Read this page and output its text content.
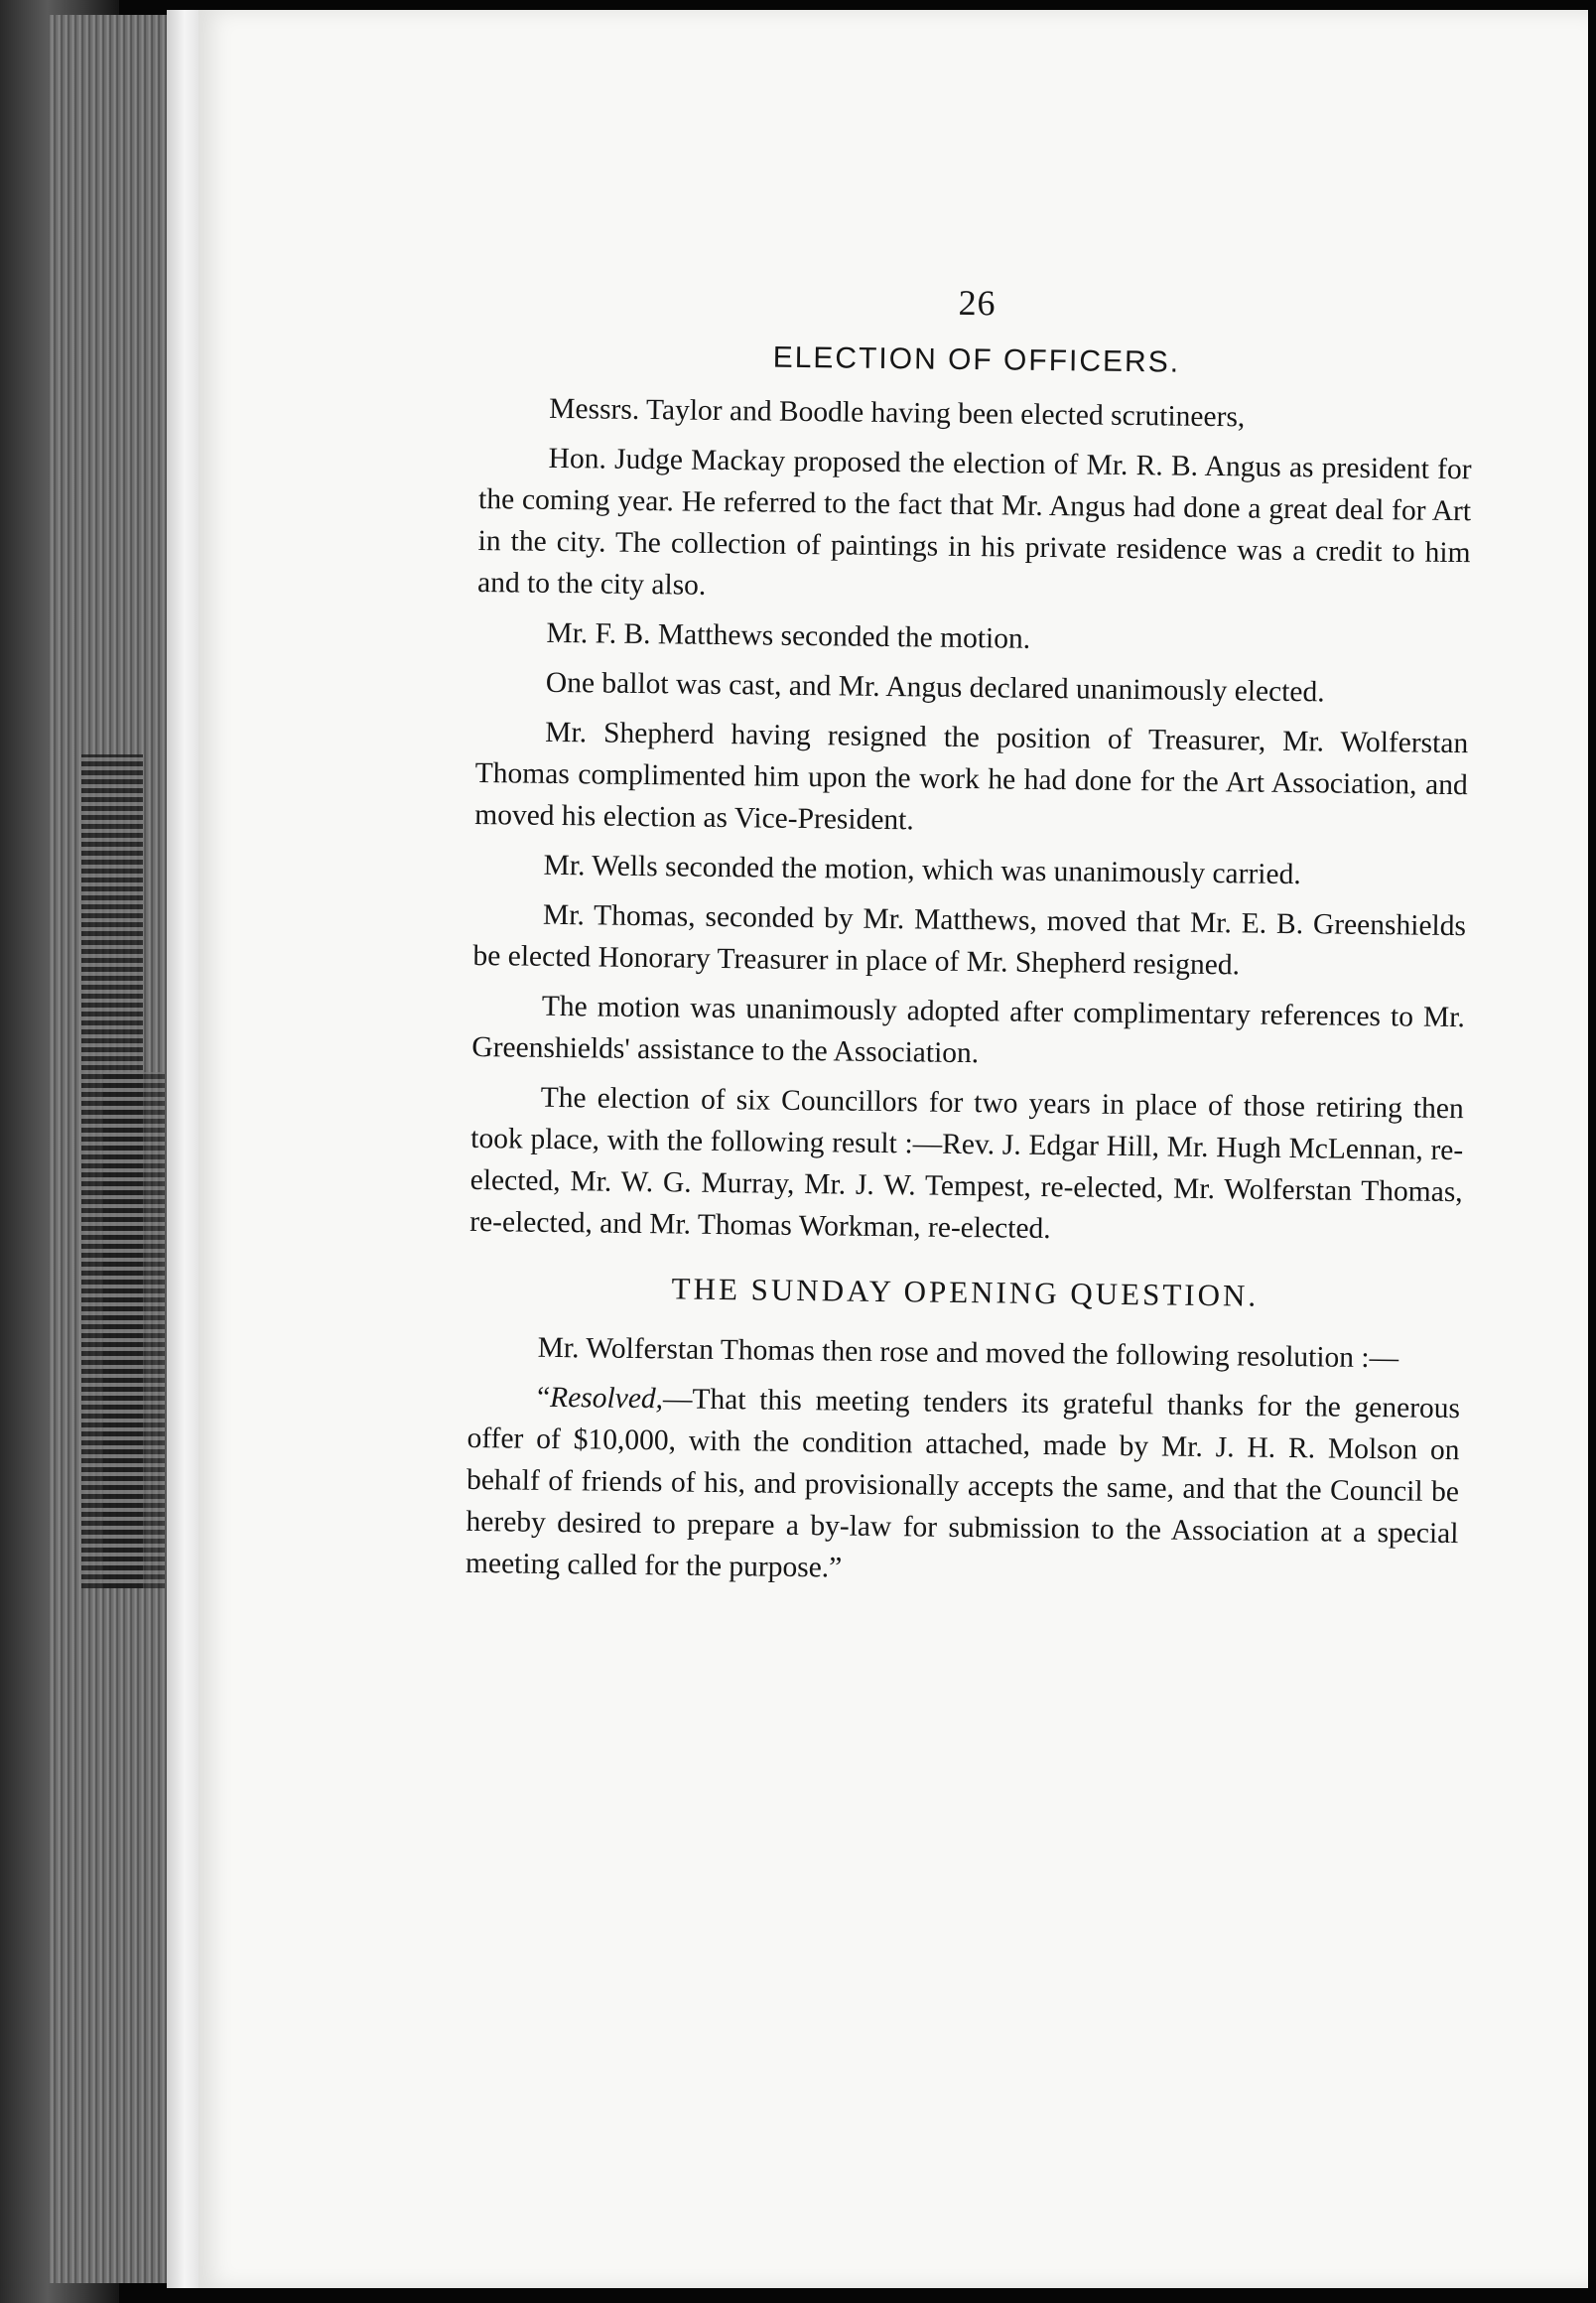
26
ELECTION OF OFFICERS.

Messrs. Taylor and Boodle having been elected scrutineers,

Hon. Judge Mackay proposed the election of Mr. R. B. Angus as president for the coming year. He referred to the fact that Mr. Angus had done a great deal for Art in the city. The collection of paintings in his private residence was a credit to him and to the city also.

Mr. F. B. Matthews seconded the motion.

One ballot was cast, and Mr. Angus declared unanimously elected.

Mr. Shepherd having resigned the position of Treasurer, Mr. Wolferstan Thomas complimented him upon the work he had done for the Art Association, and moved his election as Vice-President.

Mr. Wells seconded the motion, which was unanimously carried.

Mr. Thomas, seconded by Mr. Matthews, moved that Mr. E. B. Greenshields be elected Honorary Treasurer in place of Mr. Shepherd resigned.

The motion was unanimously adopted after complimentary references to Mr. Greenshields' assistance to the Association.

The election of six Councillors for two years in place of those retiring then took place, with the following result :—Rev. J. Edgar Hill, Mr. Hugh McLennan, re-elected, Mr. W. G. Murray, Mr. J. W. Tempest, re-elected, Mr. Wolferstan Thomas, re-elected, and Mr. Thomas Workman, re-elected.

THE SUNDAY OPENING QUESTION.

Mr. Wolferstan Thomas then rose and moved the following resolution :—

“Resolved,—That this meeting tenders its grateful thanks for the generous offer of $10,000, with the condition attached, made by Mr. J. H. R. Molson on behalf of friends of his, and provisionally accepts the same, and that the Council be hereby desired to prepare a by-law for submission to the Association at a special meeting called for the purpose.”
